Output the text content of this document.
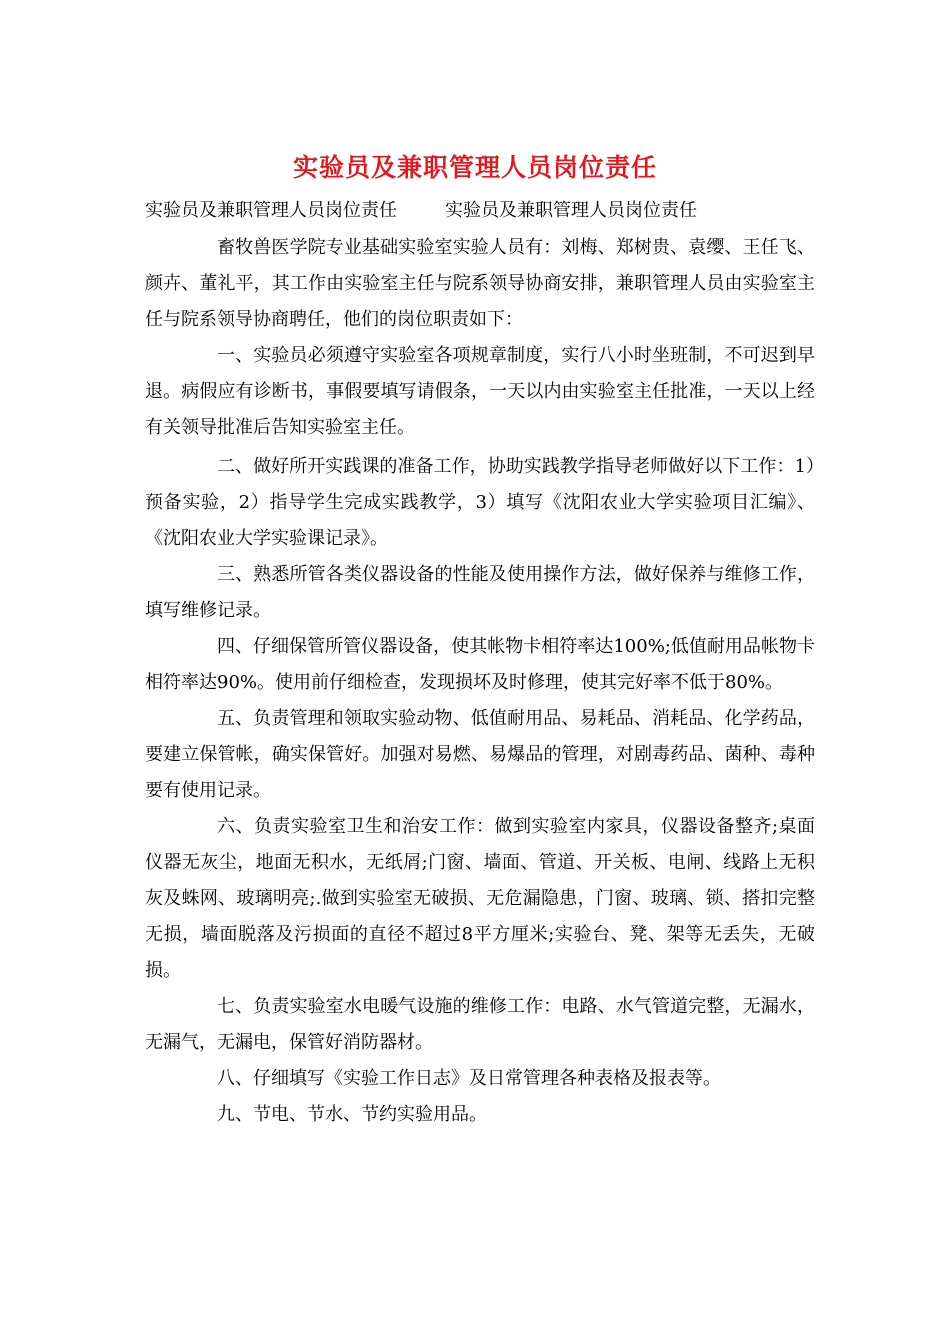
实验员及兼职管理人员岗位责任
实验员及兼职管理人员岗位责任	实验员及兼职管理人员岗位责任

畜牧兽医学院专业基础实验室实验人员有：刘梅、郑树贵、袁缨、王任飞、颜卉、董礼平，其工作由实验室主任与院系领导协商安排，兼职管理人员由实验室主任与院系领导协商聘任，他们的岗位职责如下：

一、实验员必须遵守实验室各项规章制度，实行八小时坐班制，不可迟到早退。病假应有诊断书，事假要填写请假条，一天以内由实验室主任批准，一天以上经有关领导批准后告知实验室主任。

二、做好所开实践课的准备工作，协助实践教学指导老师做好以下工作：1）预备实验，2）指导学生完成实践教学，3）填写《沈阳农业大学实验项目汇编》、《沈阳农业大学实验课记录》。

三、熟悉所管各类仪器设备的性能及使用操作方法，做好保养与维修工作，填写维修记录。

四、仔细保管所管仪器设备，使其帐物卡相符率达100%;低值耐用品帐物卡相符率达90%。使用前仔细检查，发现损坏及时修理，使其完好率不低于80%。

五、负责管理和领取实验动物、低值耐用品、易耗品、消耗品、化学药品，要建立保管帐，确实保管好。加强对易燃、易爆品的管理，对剧毒药品、菌种、毒种要有使用记录。

六、负责实验室卫生和治安工作：做到实验室内家具，仪器设备整齐;桌面仪器无灰尘，地面无积水，无纸屑;门窗、墙面、管道、开关板、电闸、线路上无积灰及蛛网、玻璃明亮;.做到实验室无破损、无危漏隐患，门窗、玻璃、锁、搭扣完整无损，墙面脱落及污损面的直径不超过8平方厘米;实验台、凳、架等无丢失，无破损。

七、负责实验室水电暖气设施的维修工作：电路、水气管道完整，无漏水，无漏气，无漏电，保管好消防器材。

八、仔细填写《实验工作日志》及日常管理各种表格及报表等。

九、节电、节水、节约实验用品。
